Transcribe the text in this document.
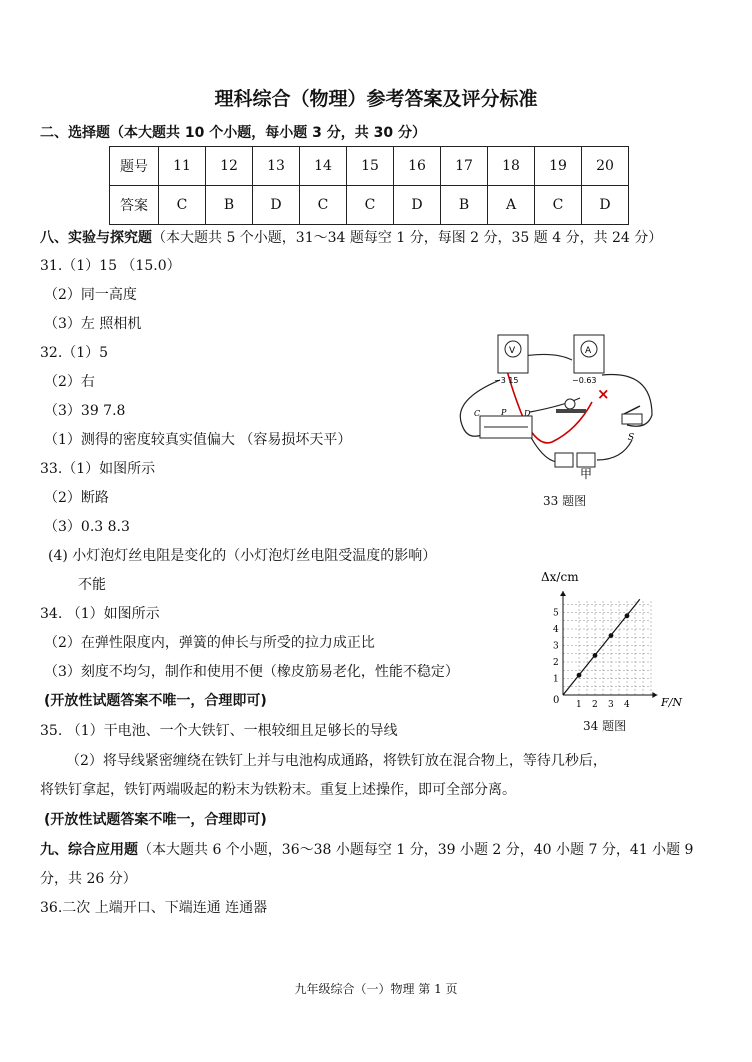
理科综合（物理）参考答案及评分标准
二、选择题（本大题共 10 个小题，每小题 3 分，共 30 分）
题号	11	12	13	14	15	16	17	18	19	20
答案	C	B	D	C	C	D	B	A	C	D
八、实验与探究题（本大题共 5 个小题，31～34 题每空 1 分，每图 2 分，35 题 4 分，共 24 分）
31.（1）15 （15.0）
（2）同一高度
（3）左 照相机
32.（1）5
（2）右
（3）39 7.8
（1）测得的密度较真实值偏大 （容易损坏天平）
33.（1）如图所示
（2）断路
（3）0.3 8.3
(4) 小灯泡灯丝电阻是变化的（小灯泡灯丝电阻受温度的影响）
不能
34. （1）如图所示
（2）在弹性限度内，弹簧的伸长与所受的拉力成正比
（3）刻度不均匀，制作和使用不便（橡皮筋易老化，性能不稳定）
(开放性试题答案不唯一，合理即可)
35. （1）干电池、一个大铁钉、一根较细且足够长的导线
（2）将导线紧密缠绕在铁钉上并与电池构成通路，将铁钉放在混合物上，等待几秒后，
将铁钉拿起，铁钉两端吸起的粉末为铁粉末。重复上述操作，即可全部分离。
(开放性试题答案不唯一，合理即可)
九、综合应用题（本大题共 6 个小题，36～38 小题每空 1 分，39 小题 2 分，40 小题 7 分，41 小题 9
分，共 26 分）
36.二次 上端开口、下端连通 连通器
×
V
−3 15
A
−0.63
C	P D
S
甲
33 题图
1 2 3 4
1
2
3
4
5
Δx/cm
F/N
0
34 题图
九年级综合（一）物理 第 1 页
